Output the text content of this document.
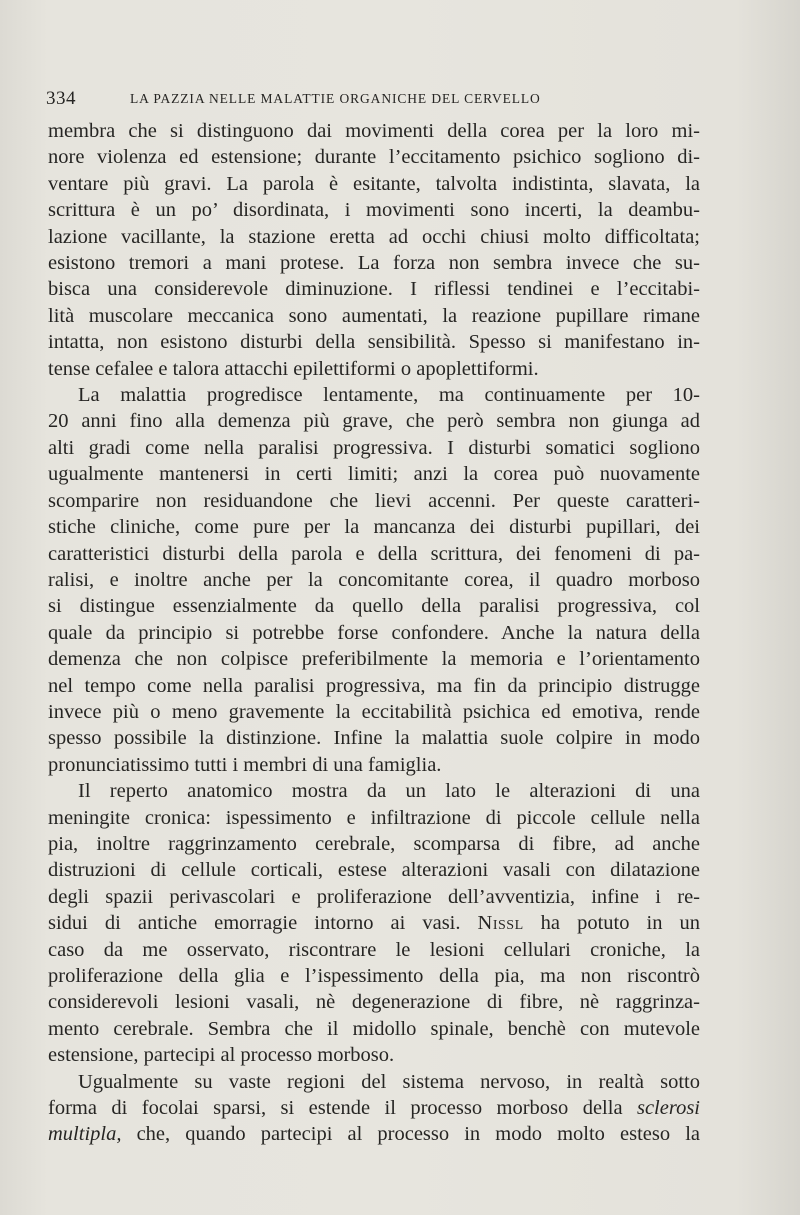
334	LA PAZZIA NELLE MALATTIE ORGANICHE DEL CERVELLO

membra che si distinguono dai movimenti della corea per la loro mi-
nore violenza ed estensione; durante l’eccitamento psichico sogliono di-
ventare più gravi. La parola è esitante, talvolta indistinta, slavata, la
scrittura è un po’ disordinata, i movimenti sono incerti, la deambu-
lazione vacillante, la stazione eretta ad occhi chiusi molto difficoltata;
esistono tremori a mani protese. La forza non sembra invece che su-
bisca una considerevole diminuzione. I riflessi tendinei e l’eccitabi-
lità muscolare meccanica sono aumentati, la reazione pupillare rimane
intatta, non esistono disturbi della sensibilità. Spesso si manifestano in-
tense cefalee e talora attacchi epilettiformi o apoplettiformi.

La malattia progredisce lentamente, ma continuamente per 10-
20 anni fino alla demenza più grave, che però sembra non giunga ad
alti gradi come nella paralisi progressiva. I disturbi somatici sogliono
ugualmente mantenersi in certi limiti; anzi la corea può nuovamente
scomparire non residuandone che lievi accenni. Per queste caratteri-
stiche cliniche, come pure per la mancanza dei disturbi pupillari, dei
caratteristici disturbi della parola e della scrittura, dei fenomeni di pa-
ralisi, e inoltre anche per la concomitante corea, il quadro morboso
si distingue essenzialmente da quello della paralisi progressiva, col
quale da principio si potrebbe forse confondere. Anche la natura della
demenza che non colpisce preferibilmente la memoria e l’orientamento
nel tempo come nella paralisi progressiva, ma fin da principio distrugge
invece più o meno gravemente la eccitabilità psichica ed emotiva, rende
spesso possibile la distinzione. Infine la malattia suole colpire in modo
pronunciatissimo tutti i membri di una famiglia.

Il reperto anatomico mostra da un lato le alterazioni di una
meningite cronica: ispessimento e infiltrazione di piccole cellule nella
pia, inoltre raggrinzamento cerebrale, scomparsa di fibre, ad anche
distruzioni di cellule corticali, estese alterazioni vasali con dilatazione
degli spazii perivascolari e proliferazione dell’avventizia, infine i re-
sidui di antiche emorragie intorno ai vasi. Nissl ha potuto in un
caso da me osservato, riscontrare le lesioni cellulari croniche, la
proliferazione della glia e l’ispessimento della pia, ma non riscontrò
considerevoli lesioni vasali, nè degenerazione di fibre, nè raggrinza-
mento cerebrale. Sembra che il midollo spinale, benchè con mutevole
estensione, partecipi al processo morboso.

Ugualmente su vaste regioni del sistema nervoso, in realtà sotto
forma di focolai sparsi, si estende il processo morboso della sclerosi
multipla, che, quando partecipi al processo in modo molto esteso la
